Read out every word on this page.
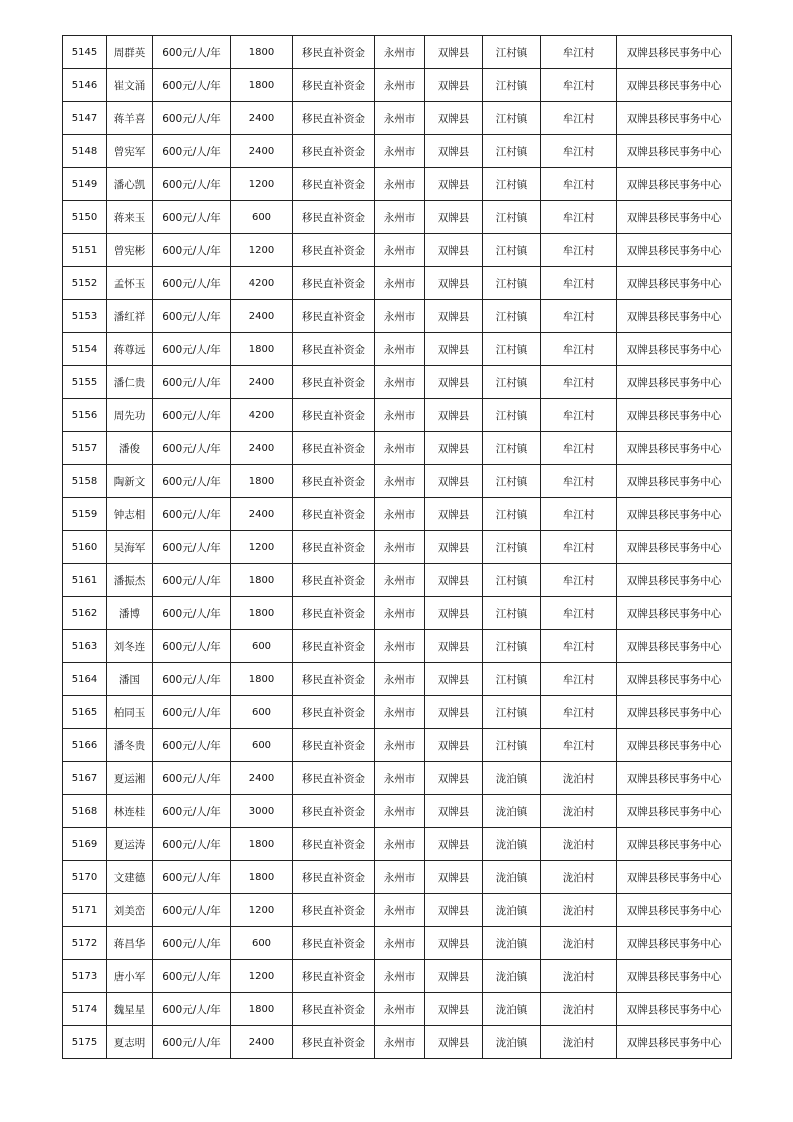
5145	周群英	600元/人/年	1800	移民直补资金	永州市	双牌县	江村镇	牟江村	双牌县移民事务中心
5146	崔文涌	600元/人/年	1800	移民直补资金	永州市	双牌县	江村镇	牟江村	双牌县移民事务中心
5147	蒋羊喜	600元/人/年	2400	移民直补资金	永州市	双牌县	江村镇	牟江村	双牌县移民事务中心
5148	曾宪军	600元/人/年	2400	移民直补资金	永州市	双牌县	江村镇	牟江村	双牌县移民事务中心
5149	潘心凯	600元/人/年	1200	移民直补资金	永州市	双牌县	江村镇	牟江村	双牌县移民事务中心
5150	蒋来玉	600元/人/年	600	移民直补资金	永州市	双牌县	江村镇	牟江村	双牌县移民事务中心
5151	曾宪彬	600元/人/年	1200	移民直补资金	永州市	双牌县	江村镇	牟江村	双牌县移民事务中心
5152	孟怀玉	600元/人/年	4200	移民直补资金	永州市	双牌县	江村镇	牟江村	双牌县移民事务中心
5153	潘红祥	600元/人/年	2400	移民直补资金	永州市	双牌县	江村镇	牟江村	双牌县移民事务中心
5154	蒋尊远	600元/人/年	1800	移民直补资金	永州市	双牌县	江村镇	牟江村	双牌县移民事务中心
5155	潘仁贵	600元/人/年	2400	移民直补资金	永州市	双牌县	江村镇	牟江村	双牌县移民事务中心
5156	周先功	600元/人/年	4200	移民直补资金	永州市	双牌县	江村镇	牟江村	双牌县移民事务中心
5157	潘俊	600元/人/年	2400	移民直补资金	永州市	双牌县	江村镇	牟江村	双牌县移民事务中心
5158	陶新文	600元/人/年	1800	移民直补资金	永州市	双牌县	江村镇	牟江村	双牌县移民事务中心
5159	钟志相	600元/人/年	2400	移民直补资金	永州市	双牌县	江村镇	牟江村	双牌县移民事务中心
5160	吴海军	600元/人/年	1200	移民直补资金	永州市	双牌县	江村镇	牟江村	双牌县移民事务中心
5161	潘振杰	600元/人/年	1800	移民直补资金	永州市	双牌县	江村镇	牟江村	双牌县移民事务中心
5162	潘博	600元/人/年	1800	移民直补资金	永州市	双牌县	江村镇	牟江村	双牌县移民事务中心
5163	刘冬连	600元/人/年	600	移民直补资金	永州市	双牌县	江村镇	牟江村	双牌县移民事务中心
5164	潘国	600元/人/年	1800	移民直补资金	永州市	双牌县	江村镇	牟江村	双牌县移民事务中心
5165	柏同玉	600元/人/年	600	移民直补资金	永州市	双牌县	江村镇	牟江村	双牌县移民事务中心
5166	潘冬贵	600元/人/年	600	移民直补资金	永州市	双牌县	江村镇	牟江村	双牌县移民事务中心
5167	夏运湘	600元/人/年	2400	移民直补资金	永州市	双牌县	泷泊镇	泷泊村	双牌县移民事务中心
5168	林连桂	600元/人/年	3000	移民直补资金	永州市	双牌县	泷泊镇	泷泊村	双牌县移民事务中心
5169	夏运涛	600元/人/年	1800	移民直补资金	永州市	双牌县	泷泊镇	泷泊村	双牌县移民事务中心
5170	文建德	600元/人/年	1800	移民直补资金	永州市	双牌县	泷泊镇	泷泊村	双牌县移民事务中心
5171	刘美峦	600元/人/年	1200	移民直补资金	永州市	双牌县	泷泊镇	泷泊村	双牌县移民事务中心
5172	蒋昌华	600元/人/年	600	移民直补资金	永州市	双牌县	泷泊镇	泷泊村	双牌县移民事务中心
5173	唐小军	600元/人/年	1200	移民直补资金	永州市	双牌县	泷泊镇	泷泊村	双牌县移民事务中心
5174	魏星星	600元/人/年	1800	移民直补资金	永州市	双牌县	泷泊镇	泷泊村	双牌县移民事务中心
5175	夏志明	600元/人/年	2400	移民直补资金	永州市	双牌县	泷泊镇	泷泊村	双牌县移民事务中心
